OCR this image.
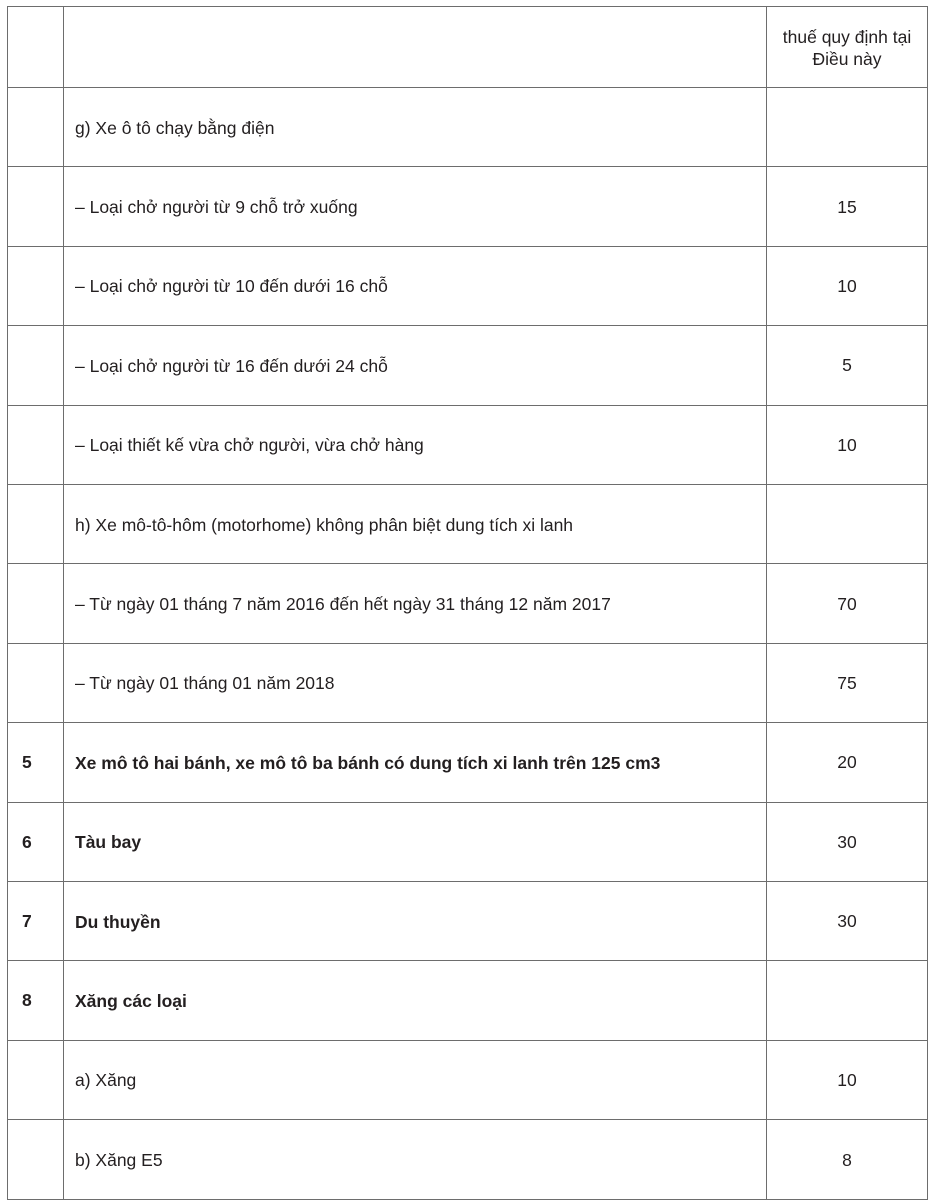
		thuế quy định tại
Điều này

	g) Xe ô tô chạy bằng điện	
	– Loại chở người từ 9 chỗ trở xuống	15
	– Loại chở người từ 10 đến dưới 16 chỗ	10
	– Loại chở người từ 16 đến dưới 24 chỗ	5
	– Loại thiết kế vừa chở người, vừa chở hàng	10
	h) Xe mô-tô-hôm (motorhome) không phân biệt dung tích xi lanh	
	– Từ ngày 01 tháng 7 năm 2016 đến hết ngày 31 tháng 12 năm 2017	70
	– Từ ngày 01 tháng 01 năm 2018	75
5	Xe mô tô hai bánh, xe mô tô ba bánh có dung tích xi lanh trên 125 cm3	20
6	Tàu bay	30
7	Du thuyền	30
8	Xăng các loại	
	a) Xăng	10
	b) Xăng E5	8
